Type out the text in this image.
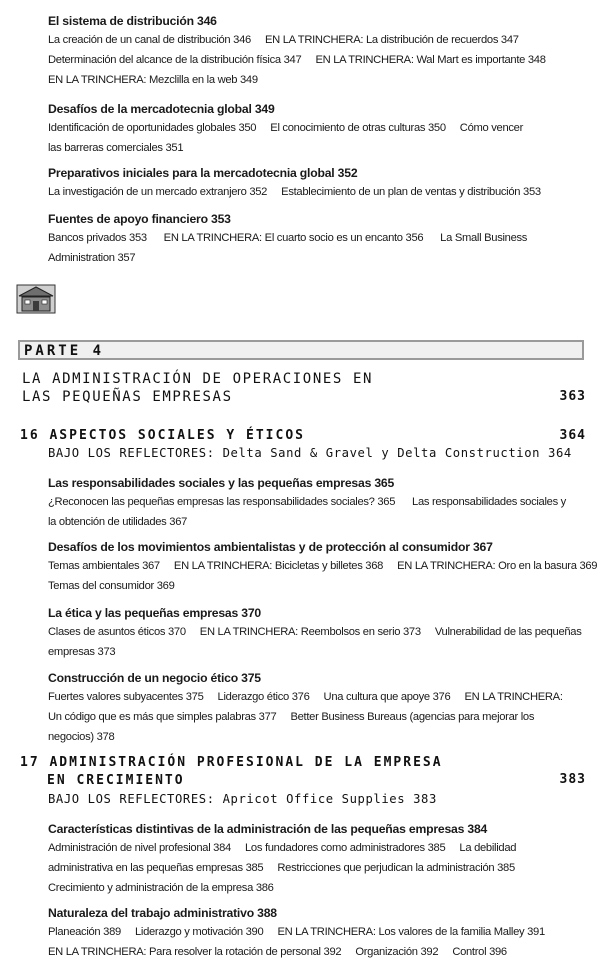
El sistema de distribución 346
La creación de un canal de distribución 346 EN LA TRINCHERA: La distribución de recuerdos 347
Determinación del alcance de la distribución física 347 EN LA TRINCHERA: Wal Mart es importante 348
EN LA TRINCHERA: Mezclilla en la web 349
Desafíos de la mercadotecnia global 349
Identificación de oportunidades globales 350 El conocimiento de otras culturas 350 Cómo vencer
las barreras comerciales 351
Preparativos iniciales para la mercadotecnia global 352
La investigación de un mercado extranjero 352 Establecimiento de un plan de ventas y distribución 353
Fuentes de apoyo financiero 353
Bancos privados 353 EN LA TRINCHERA: El cuarto socio es un encanto 356 La Small Business
Administration 357
PARTE 4
LA ADMINISTRACIÓN DE OPERACIONES EN
LAS PEQUEÑAS EMPRESAS	363
16 ASPECTOS SOCIALES Y ÉTICOS	364
BAJO LOS REFLECTORES: Delta Sand & Gravel y Delta Construction 364
Las responsabilidades sociales y las pequeñas empresas 365
¿Reconocen las pequeñas empresas las responsabilidades sociales? 365 Las responsabilidades sociales y
la obtención de utilidades 367
Desafíos de los movimientos ambientalistas y de protección al consumidor 367
Temas ambientales 367 EN LA TRINCHERA: Bicicletas y billetes 368 EN LA TRINCHERA: Oro en la basura 369
Temas del consumidor 369
La ética y las pequeñas empresas 370
Clases de asuntos éticos 370 EN LA TRINCHERA: Reembolsos en serio 373 Vulnerabilidad de las pequeñas
empresas 373
Construcción de un negocio ético 375
Fuertes valores subyacentes 375 Liderazgo ético 376 Una cultura que apoye 376 EN LA TRINCHERA:
Un código que es más que simples palabras 377 Better Business Bureaus (agencias para mejorar los
negocios) 378
17 ADMINISTRACIÓN PROFESIONAL DE LA EMPRESA
EN CRECIMIENTO	383
BAJO LOS REFLECTORES: Apricot Office Supplies 383
Características distintivas de la administración de las pequeñas empresas 384
Administración de nivel profesional 384 Los fundadores como administradores 385 La debilidad
administrativa en las pequeñas empresas 385 Restricciones que perjudican la administración 385
Crecimiento y administración de la empresa 386
Naturaleza del trabajo administrativo 388
Planeación 389 Liderazgo y motivación 390 EN LA TRINCHERA: Los valores de la familia Malley 391
EN LA TRINCHERA: Para resolver la rotación de personal 392 Organización 392 Control 396
